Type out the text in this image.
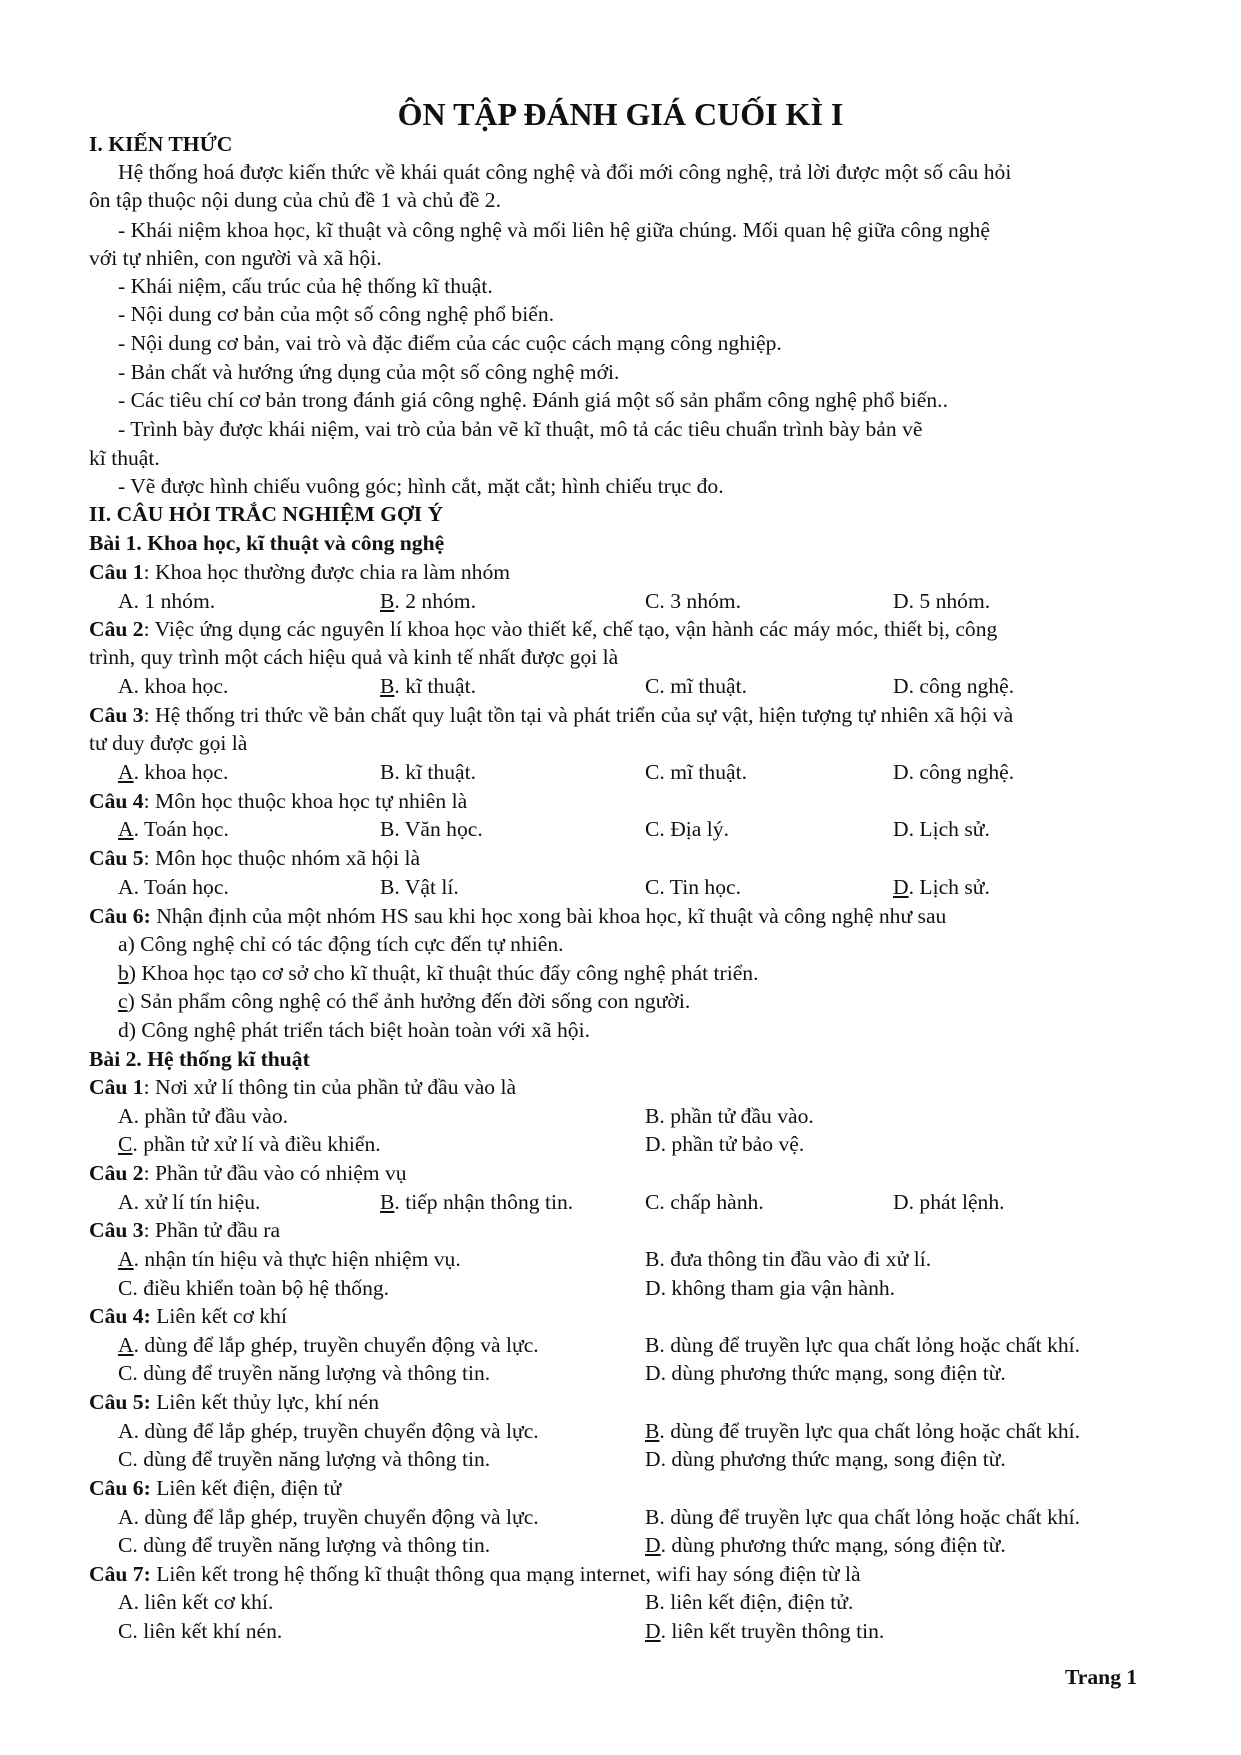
ÔN TẬP ĐÁNH GIÁ CUỐI KÌ I
I. KIẾN THỨC
Hệ thống hoá được kiến thức về khái quát công nghệ và đổi mới công nghệ, trả lời được một số câu hỏi
ôn tập thuộc nội dung của chủ đề 1 và chủ đề 2.
- Khái niệm khoa học, kĩ thuật và công nghệ và mối liên hệ giữa chúng. Mối quan hệ giữa công nghệ
với tự nhiên, con người và xã hội.
- Khái niệm, cấu trúc của hệ thống kĩ thuật.
- Nội dung cơ bản của một số công nghệ phổ biến.
- Nội dung cơ bản, vai trò và đặc điểm của các cuộc cách mạng công nghiệp.
- Bản chất và hướng ứng dụng của một số công nghệ mới.
- Các tiêu chí cơ bản trong đánh giá công nghệ. Đánh giá một số sản phẩm công nghệ phổ biến..
- Trình bày được khái niệm, vai trò của bản vẽ kĩ thuật, mô tả các tiêu chuẩn trình bày bản vẽ
kĩ thuật.
- Vẽ được hình chiếu vuông góc; hình cắt, mặt cắt; hình chiếu trục đo.
II. CÂU HỎI TRẮC NGHIỆM GỢI Ý
Bài 1. Khoa học, kĩ thuật và công nghệ
Câu 1: Khoa học thường được chia ra làm nhóm
A. 1 nhóm.	B. 2 nhóm.	C. 3 nhóm.	D. 5 nhóm.
Câu 2: Việc ứng dụng các nguyên lí khoa học vào thiết kế, chế tạo, vận hành các máy móc, thiết bị, công
trình, quy trình một cách hiệu quả và kinh tế nhất được gọi là
A. khoa học.	B. kĩ thuật.	C. mĩ thuật.	D. công nghệ.
Câu 3: Hệ thống tri thức về bản chất quy luật tồn tại và phát triển của sự vật, hiện tượng tự nhiên xã hội và
tư duy được gọi là
A. khoa học.	B. kĩ thuật.	C. mĩ thuật.	D. công nghệ.
Câu 4: Môn học thuộc khoa học tự nhiên là
A. Toán học.	B. Văn học.	C. Địa lý.	D. Lịch sử.
Câu 5: Môn học thuộc nhóm xã hội là
A. Toán học.	B. Vật lí.	C. Tin học.	D. Lịch sử.
Câu 6: Nhận định của một nhóm HS sau khi học xong bài khoa học, kĩ thuật và công nghệ như sau
a) Công nghệ chỉ có tác động tích cực đến tự nhiên.
b) Khoa học tạo cơ sở cho kĩ thuật, kĩ thuật thúc đẩy công nghệ phát triển.
c) Sản phẩm công nghệ có thể ảnh hưởng đến đời sống con người.
d) Công nghệ phát triển tách biệt hoàn toàn với xã hội.
Bài 2. Hệ thống kĩ thuật
Câu 1: Nơi xử lí thông tin của phần tử đầu vào là
A. phần tử đầu vào.	B. phần tử đầu vào.
C. phần tử xử lí và điều khiển.	D. phần tử bảo vệ.
Câu 2: Phần tử đầu vào có nhiệm vụ
A. xử lí tín hiệu.	B. tiếp nhận thông tin.	C. chấp hành.	D. phát lệnh.
Câu 3: Phần tử đầu ra
A. nhận tín hiệu và thực hiện nhiệm vụ.	B. đưa thông tin đầu vào đi xử lí.
C. điều khiển toàn bộ hệ thống.	D. không tham gia vận hành.
Câu 4: Liên kết cơ khí
A. dùng để lắp ghép, truyền chuyển động và lực.	B. dùng để truyền lực qua chất lỏng hoặc chất khí.
C. dùng để truyền năng lượng và thông tin.	D. dùng phương thức mạng, song điện từ.
Câu 5: Liên kết thủy lực, khí nén
A. dùng để lắp ghép, truyền chuyển động và lực.	B. dùng để truyền lực qua chất lỏng hoặc chất khí.
C. dùng để truyền năng lượng và thông tin.	D. dùng phương thức mạng, song điện từ.
Câu 6: Liên kết điện, điện tử
A. dùng để lắp ghép, truyền chuyển động và lực.	B. dùng để truyền lực qua chất lỏng hoặc chất khí.
C. dùng để truyền năng lượng và thông tin.	D. dùng phương thức mạng, sóng điện từ.
Câu 7: Liên kết trong hệ thống kĩ thuật thông qua mạng internet, wifi hay sóng điện từ là
A. liên kết cơ khí.	B. liên kết điện, điện tử.
C. liên kết khí nén.	D. liên kết truyền thông tin.
Trang 1
